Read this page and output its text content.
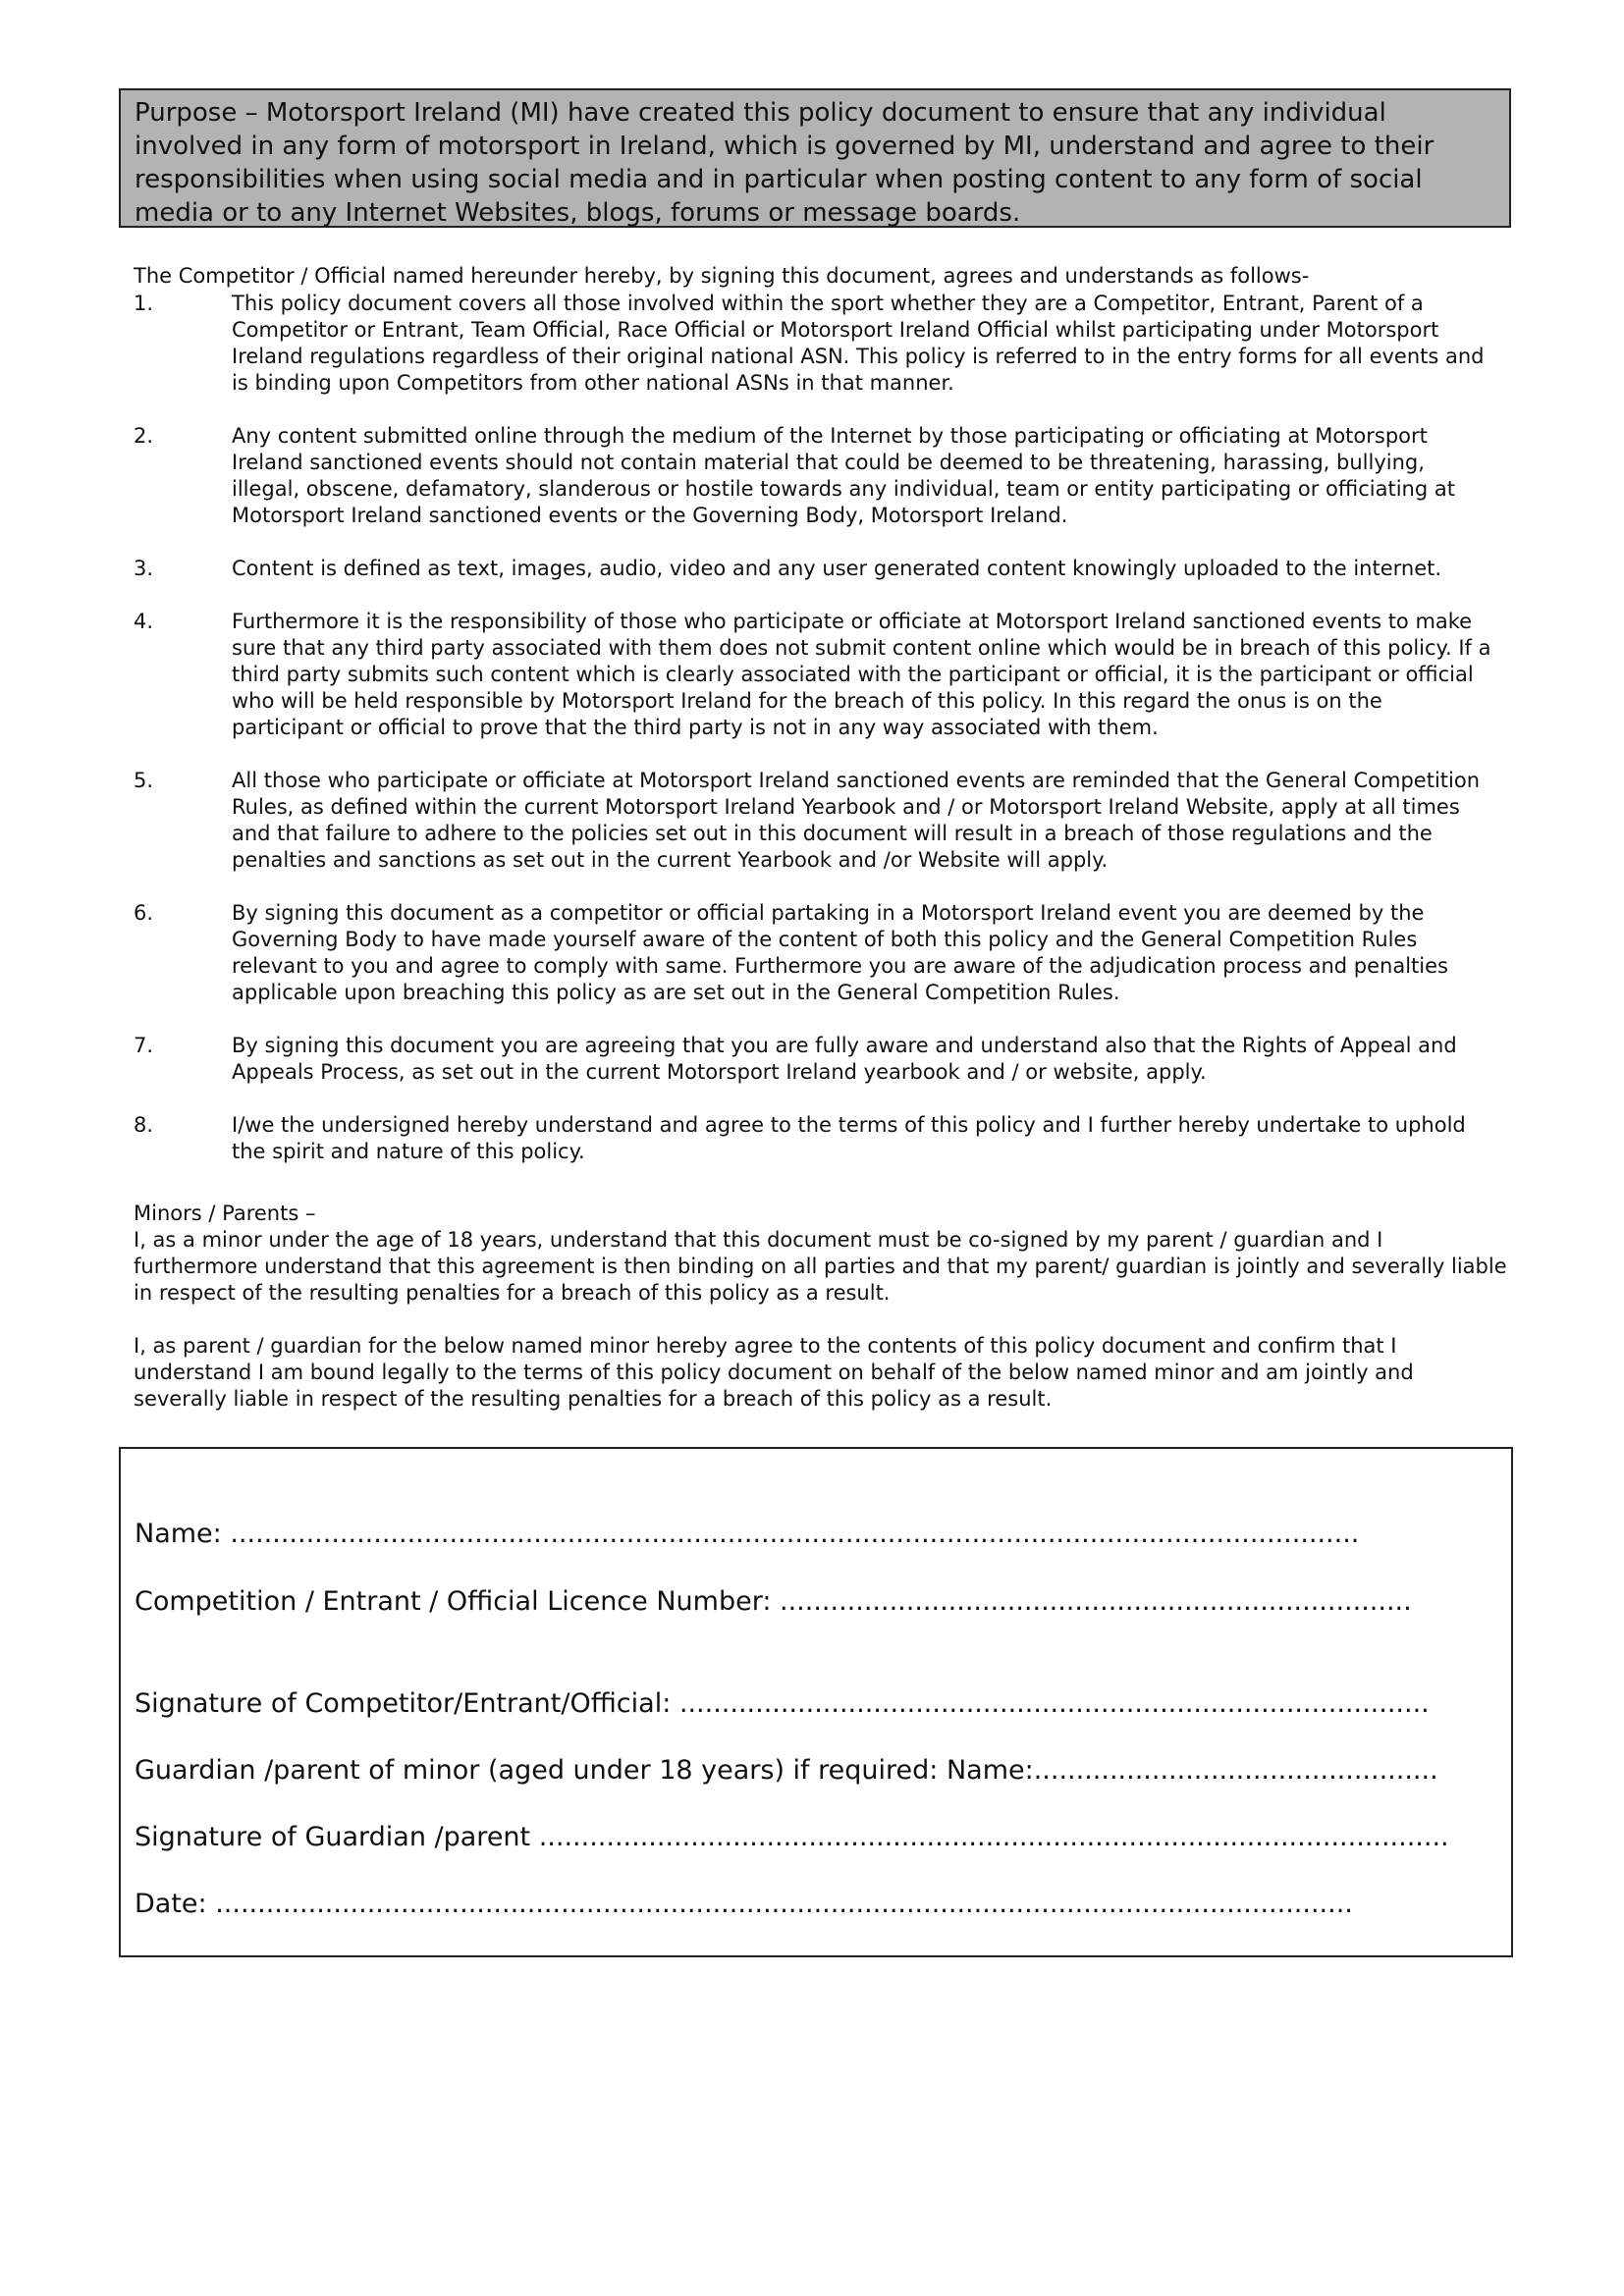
Purpose – Motorsport Ireland (MI) have created this policy document to ensure that any individual involved in any form of motorsport in Ireland, which is governed by MI, understand and agree to their responsibilities when using social media and in particular when posting content to any form of social media or to any Internet Websites, blogs, forums or message boards.

The Competitor / Official named hereunder hereby, by signing this document, agrees and understands as follows-
1.	This policy document covers all those involved within the sport whether they are a Competitor, Entrant, Parent of a Competitor or Entrant, Team Official, Race Official or Motorsport Ireland Official whilst participating under Motorsport Ireland regulations regardless of their original national ASN. This policy is referred to in the entry forms for all events and is binding upon Competitors from other national ASNs in that manner.
2.	Any content submitted online through the medium of the Internet by those participating or officiating at Motorsport Ireland sanctioned events should not contain material that could be deemed to be threatening, harassing, bullying, illegal, obscene, defamatory, slanderous or hostile towards any individual, team or entity participating or officiating at Motorsport Ireland sanctioned events or the Governing Body, Motorsport Ireland.
3.	Content is defined as text, images, audio, video and any user generated content knowingly uploaded to the internet.
4.	Furthermore it is the responsibility of those who participate or officiate at Motorsport Ireland sanctioned events to make sure that any third party associated with them does not submit content online which would be in breach of this policy. If a third party submits such content which is clearly associated with the participant or official, it is the participant or official who will be held responsible by Motorsport Ireland for the breach of this policy. In this regard the onus is on the participant or official to prove that the third party is not in any way associated with them.
5.	All those who participate or officiate at Motorsport Ireland sanctioned events are reminded that the General Competition Rules, as defined within the current Motorsport Ireland Yearbook and / or Motorsport Ireland Website, apply at all times and that failure to adhere to the policies set out in this document will result in a breach of those regulations and the penalties and sanctions as set out in the current Yearbook and /or Website will apply.
6.	By signing this document as a competitor or official partaking in a Motorsport Ireland event you are deemed by the Governing Body to have made yourself aware of the content of both this policy and the General Competition Rules relevant to you and agree to comply with same. Furthermore you are aware of the adjudication process and penalties applicable upon breaching this policy as are set out in the General Competition Rules.
7.	By signing this document you are agreeing that you are fully aware and understand also that the Rights of Appeal and Appeals Process, as set out in the current Motorsport Ireland yearbook and / or website, apply.
8.	I/we the undersigned hereby understand and agree to the terms of this policy and I further hereby undertake to uphold the spirit and nature of this policy.

Minors / Parents –

I, as a minor under the age of 18 years, understand that this document must be co-signed by my parent / guardian and I furthermore understand that this agreement is then binding on all parties and that my parent/ guardian is jointly and severally liable in respect of the resulting penalties for a breach of this policy as a result.

I, as parent / guardian for the below named minor hereby agree to the contents of this policy document and confirm that I understand I am bound legally to the terms of this policy document on behalf of the below named minor and am jointly and severally liable in respect of the resulting penalties for a breach of this policy as a result.

Name: ......................................................................................................................................
Competition / Entrant / Official Licence Number: ...........................................................................
Signature of Competitor/Entrant/Official: .........................................................................................
Guardian /parent of minor (aged under 18 years) if required: Name:................................................
Signature of Guardian /parent ............................................................................................................
Date: .......................................................................................................................................
